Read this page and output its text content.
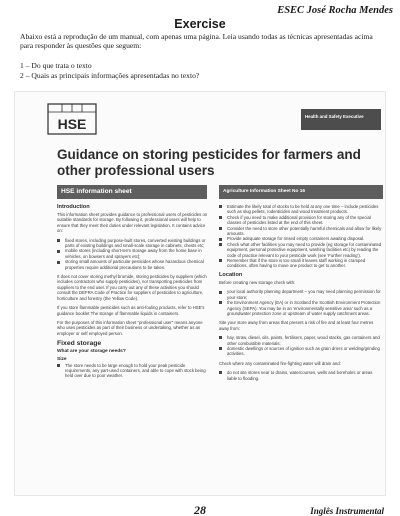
ESEC José Rocha Mendes
Exercise
Abaixo está a reprodução de um manual, com apenas uma página. Leia usando todas as técnicas apresentadas acima para responder às questões que seguem:
1 – Do que trata o texto
2 – Quais as principais informações apresentadas no texto?
HSE	Health and Safety Executive
Guidance on storing pesticides for farmers and other professional users
HSE information sheet	Agriculture Information Sheet No 16
Introduction
This information sheet provides guidance to professional users of pesticides on suitable standards for storage. By following it, professional users will help to ensure that they meet their duties under relevant legislation. It contains advice on:
fixed stores, including purpose-built stores, converted existing buildings or parts of existing buildings and small-scale storage in cabinets, chests etc;
mobile stores (including short-term storage away from the home base in vehicles, on bowsers and sprayers etc);
storing small amounts of particular pesticides whose hazardous chemical properties require additional precautions to be taken.
It does not cover storing methyl bromide, storing pesticides by suppliers (which includes contractors who supply pesticides), nor transporting pesticides from suppliers to the end user. If you carry out any of these activities you should consult the DEFRA Code of Practice for suppliers of pesticides to agriculture, horticulture and forestry (the Yellow Code).
If you store flammable pesticides such as anti-fouling products, refer to HSE's guidance booklet The storage of flammable liquids in containers.
For the purposes of this information sheet "professional user" means anyone who uses pesticides as part of their business or undertaking, whether as an employer or self employed person.
Fixed storage
What are your storage needs?
Size
The store needs to be large enough to hold your peak pesticide requirements, any part-used containers, and able to cope with stock being held over due to poor weather.
Estimate the likely total of stocks to be held at any one time – include pesticides such as slug pellets, rodenticides and wood treatment products.
Check if you need to make additional provision for storing any of the special classes of pesticides listed at the end of this sheet.
Consider the need to store other potentially harmful chemicals and allow for likely amounts.
Provide adequate storage for rinsed empty containers awaiting disposal.
Check what other facilities you may need to provide (eg storage for contaminated equipment, personal protective equipment, washing facilities etc) by reading the code of practice relevant to your pesticide work (see 'Further reading').
Remember that if the store is too small it leaves staff working in cramped conditions, often having to move one product to get to another.
Location
Before creating new storage check with:
your local authority planning department – you may need planning permission for your store;
the Environment Agency (EA) or in Scotland the Scottish Environment Protection Agency (SEPA). You may be in an 'environmentally sensitive area' such as a groundwater protection zone or upstream of water supply catchment areas.
Site your store away from areas that present a risk of fire and at least four metres away from:
hay, straw, diesel, oils, paints, fertilisers, paper, wood stacks, gas containers and other combustible materials;
domestic dwellings or sources of ignition such as grain driers or welding/grinding activities.
Check where any contaminated fire-fighting water will drain and:
do not site stores near to drains, watercourses, wells and boreholes or areas liable to flooding.
28	Inglês Instrumental
